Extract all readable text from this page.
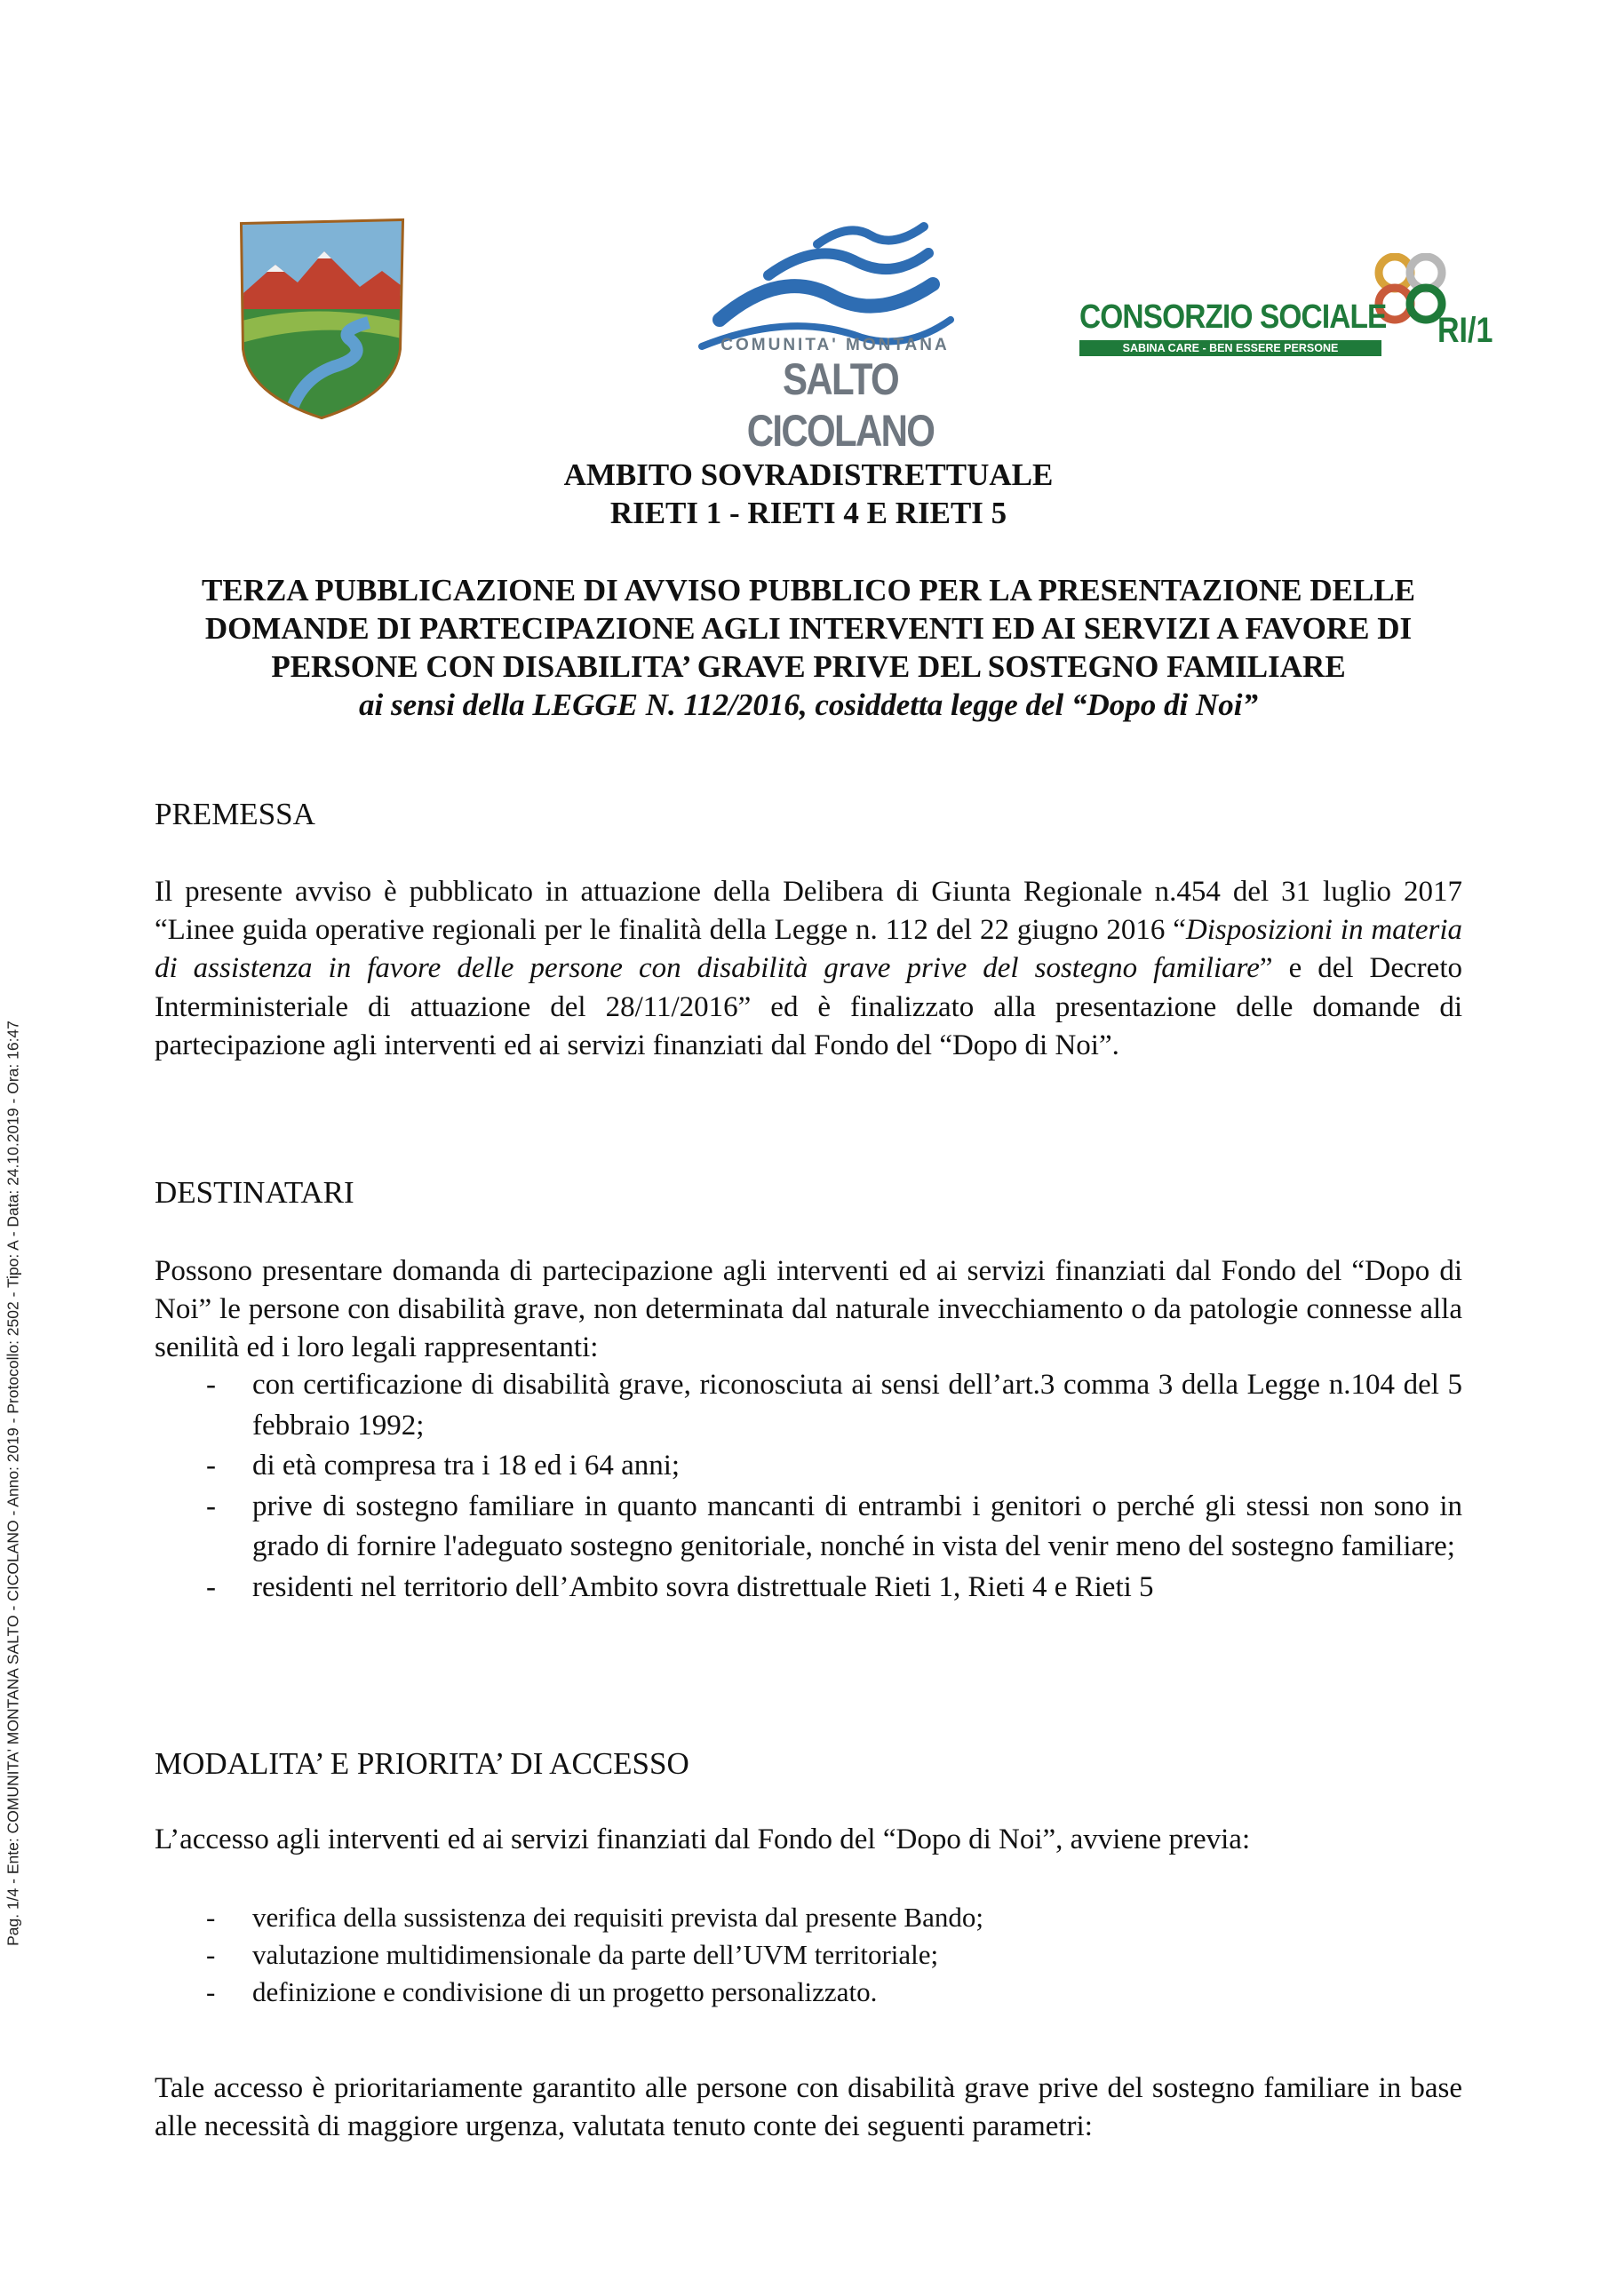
Pag. 1/4 - Ente: COMUNITA' MONTANA SALTO - CICOLANO - Anno: 2019 - Protocollo: 2502 - Tipo: A - Data: 24.10.2019 - Ora: 16:47
COMUNITA' MONTANA
SALTO CICOLANO
CONSORZIO SOCIALE
SABINA CARE - BEN ESSERE PERSONE	RI/1
AMBITO SOVRADISTRETTUALE
RIETI 1 - RIETI 4 E RIETI 5
TERZA PUBBLICAZIONE DI AVVISO PUBBLICO PER LA PRESENTAZIONE DELLE
DOMANDE DI PARTECIPAZIONE AGLI INTERVENTI ED AI SERVIZI A FAVORE DI
PERSONE CON DISABILITA’ GRAVE PRIVE DEL SOSTEGNO FAMILIARE
ai sensi della LEGGE N. 112/2016, cosiddetta legge del “Dopo di Noi”
PREMESSA

Il presente avviso è pubblicato in attuazione della Delibera di Giunta Regionale n.454 del 31 luglio 2017 “Linee guida operative regionali per le finalità della Legge n. 112 del 22 giugno 2016 “Disposizioni in materia di assistenza in favore delle persone con disabilità grave prive del sostegno familiare” e del Decreto Interministeriale di attuazione del 28/11/2016” ed è finalizzato alla presentazione delle domande di partecipazione agli interventi ed ai servizi finanziati dal Fondo del “Dopo di Noi”.

DESTINATARI

Possono presentare domanda di partecipazione agli interventi ed ai servizi finanziati dal Fondo del “Dopo di Noi” le persone con disabilità grave, non determinata dal naturale invecchiamento o da patologie connesse alla senilità ed i loro legali rappresentanti:

- con certificazione di disabilità grave, riconosciuta ai sensi dell’art.3 comma 3 della Legge n.104 del 5 febbraio 1992;
- di età compresa tra i 18 ed i 64 anni;
- prive di sostegno familiare in quanto mancanti di entrambi i genitori o perché gli stessi non sono in grado di fornire l'adeguato sostegno genitoriale, nonché in vista del venir meno del sostegno familiare;
- residenti nel territorio dell’Ambito sovra distrettuale Rieti 1, Rieti 4 e Rieti 5
MODALITA’ E PRIORITA’ DI ACCESSO

L’accesso agli interventi ed ai servizi finanziati dal Fondo del “Dopo di Noi”, avviene previa:

- verifica della sussistenza dei requisiti prevista dal presente Bando;
- valutazione multidimensionale da parte dell’UVM territoriale;
- definizione e condivisione di un progetto personalizzato.

Tale accesso è prioritariamente garantito alle persone con disabilità grave prive del sostegno familiare in base alle necessità di maggiore urgenza, valutata tenuto conte dei seguenti parametri:
